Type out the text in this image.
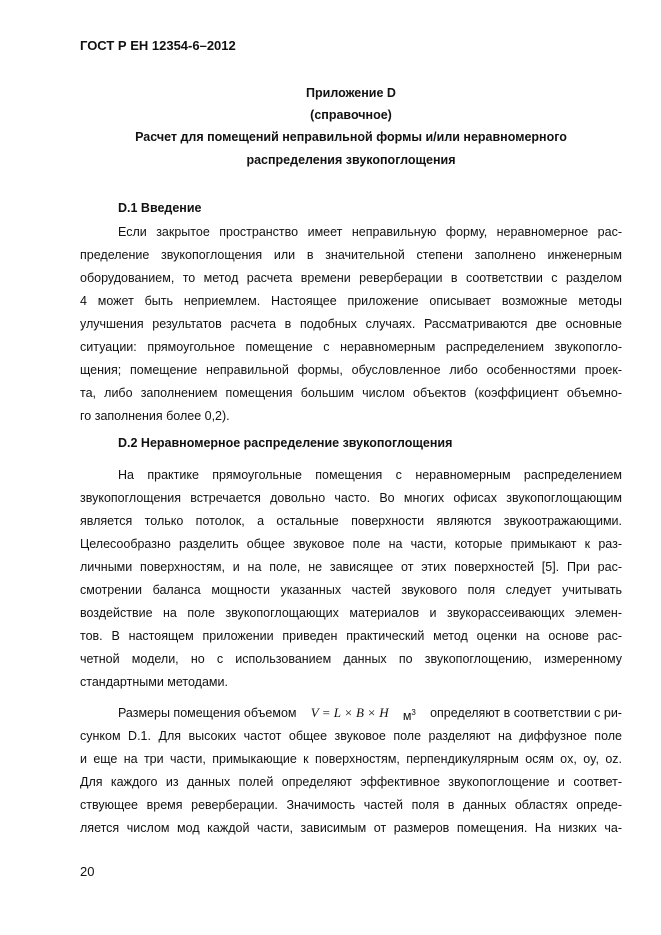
ГОСТ Р ЕН 12354-6–2012
Приложение D
(справочное)
Расчет для помещений неправильной формы и/или неравномерного
распределения звукопоглощения
D.1 Введение
Если закрытое пространство имеет неправильную форму, неравномерное рас-
пределение звукопоглощения или в значительной степени заполнено инженерным
оборудованием, то метод расчета времени реверберации в соответствии с разделом
4 может быть неприемлем. Настоящее приложение описывает возможные методы
улучшения результатов расчета в подобных случаях. Рассматриваются две основные
ситуации: прямоугольное помещение с неравномерным распределением звукопогло-
щения; помещение неправильной формы, обусловленное либо особенностями проек-
та, либо заполнением помещения большим числом объектов (коэффициент объемно-
го заполнения более 0,2).
D.2 Неравномерное распределение звукопоглощения
На практике прямоугольные помещения с неравномерным распределением
звукопоглощения встречается довольно часто. Во многих офисах звукопоглощающим
является только потолок, а остальные поверхности являются звукоотражающими.
Целесообразно разделить общее звуковое поле на части, которые примыкают к раз-
личными поверхностям, и на поле, не зависящее от этих поверхностей [5]. При рас-
смотрении баланса мощности указанных частей звукового поля следует учитывать
воздействие на поле звукопоглощающих материалов и звукорассеивающих элемен-
тов. В настоящем приложении приведен практический метод оценки на основе рас-
четной модели, но с использованием данных по звукопоглощению, измеренному
стандартными методами.
сунком D.1. Для высоких частот общее звуковое поле разделяют на диффузное поле
и еще на три части, примыкающие к поверхностям, перпендикулярным осям ox, oy, oz.
Для каждого из данных полей определяют эффективное звукопоглощение и соответ-
ствующее время реверберации. Значимость частей поля в данных областях опреде-
ляется числом мод каждой части, зависимым от размеров помещения. На низких ча-
Размеры помещения объемом V = L × B × H $м^3$ определяют в соответствии с ри-
20
